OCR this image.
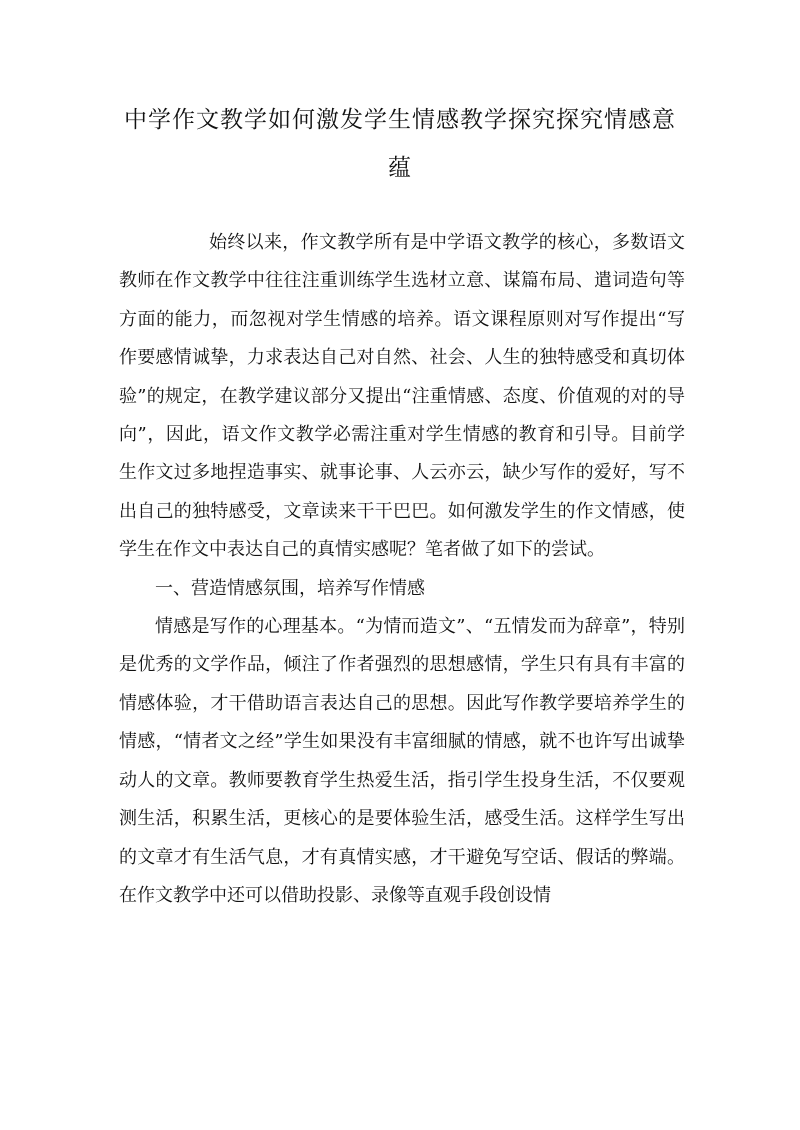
中学作文教学如何激发学生情感教学探究探究情感意蕴

始终以来，作文教学所有是中学语文教学的核心，多数语文教师在作文教学中往往注重训练学生选材立意、谋篇布局、遣词造句等方面的能力，而忽视对学生情感的培养。语文课程原则对写作提出“写作要感情诚挚，力求表达自己对自然、社会、人生的独特感受和真切体验”的规定，在教学建议部分又提出“注重情感、态度、价值观的对的导向”，因此，语文作文教学必需注重对学生情感的教育和引导。目前学生作文过多地捏造事实、就事论事、人云亦云，缺少写作的爱好，写不出自己的独特感受，文章读来干干巴巴。如何激发学生的作文情感，使学生在作文中表达自己的真情实感呢？笔者做了如下的尝试。

一、营造情感氛围，培养写作情感

情感是写作的心理基本。“为情而造文”、“五情发而为辞章”，特别是优秀的文学作品，倾注了作者强烈的思想感情，学生只有具有丰富的情感体验，才干借助语言表达自己的思想。因此写作教学要培养学生的情感，“情者文之经”学生如果没有丰富细腻的情感，就不也许写出诚挚动人的文章。教师要教育学生热爱生活，指引学生投身生活，不仅要观测生活，积累生活，更核心的是要体验生活，感受生活。这样学生写出的文章才有生活气息，才有真情实感，才干避免写空话、假话的弊端。在作文教学中还可以借助投影、录像等直观手段创设情
